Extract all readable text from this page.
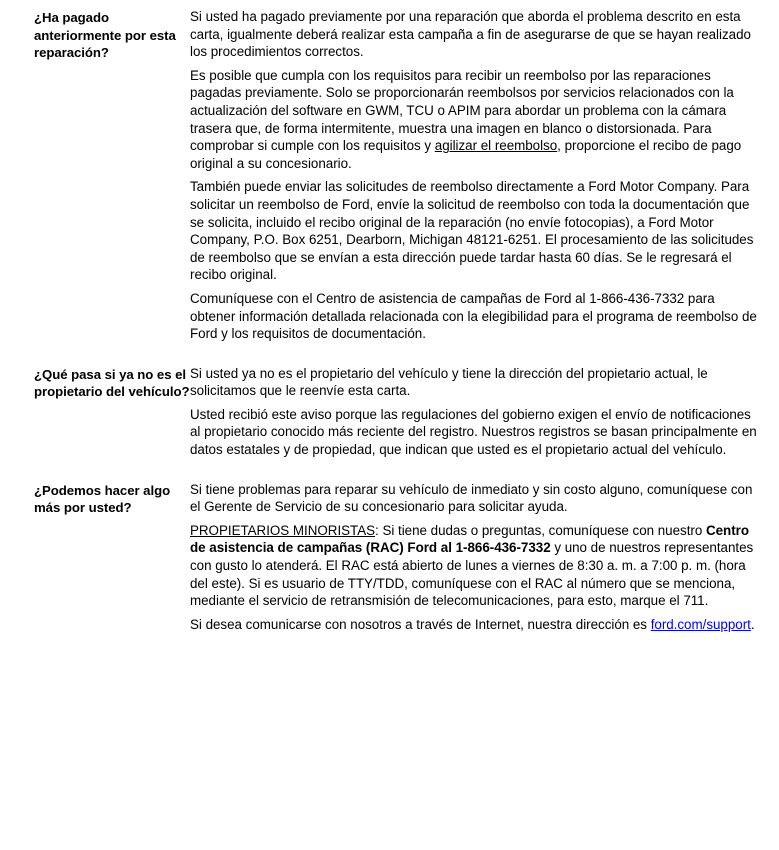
¿Ha pagado anteriormente por esta reparación?

Si usted ha pagado previamente por una reparación que aborda el problema descrito en esta carta, igualmente deberá realizar esta campaña a fin de asegurarse de que se hayan realizado los procedimientos correctos.

Es posible que cumpla con los requisitos para recibir un reembolso por las reparaciones pagadas previamente. Solo se proporcionarán reembolsos por servicios relacionados con la actualización del software en GWM, TCU o APIM para abordar un problema con la cámara trasera que, de forma intermitente, muestra una imagen en blanco o distorsionada. Para comprobar si cumple con los requisitos y agilizar el reembolso, proporcione el recibo de pago original a su concesionario.

También puede enviar las solicitudes de reembolso directamente a Ford Motor Company. Para solicitar un reembolso de Ford, envíe la solicitud de reembolso con toda la documentación que se solicita, incluido el recibo original de la reparación (no envíe fotocopias), a Ford Motor Company, P.O. Box 6251, Dearborn, Michigan 48121-6251. El procesamiento de las solicitudes de reembolso que se envían a esta dirección puede tardar hasta 60 días. Se le regresará el recibo original.

Comuníquese con el Centro de asistencia de campañas de Ford al 1-866-436-7332 para obtener información detallada relacionada con la elegibilidad para el programa de reembolso de Ford y los requisitos de documentación.

¿Qué pasa si ya no es el propietario del vehículo?

Si usted ya no es el propietario del vehículo y tiene la dirección del propietario actual, le solicitamos que le reenvíe esta carta.

Usted recibió este aviso porque las regulaciones del gobierno exigen el envío de notificaciones al propietario conocido más reciente del registro. Nuestros registros se basan principalmente en datos estatales y de propiedad, que indican que usted es el propietario actual del vehículo.

¿Podemos hacer algo más por usted?

Si tiene problemas para reparar su vehículo de inmediato y sin costo alguno, comuníquese con el Gerente de Servicio de su concesionario para solicitar ayuda.

PROPIETARIOS MINORISTAS: Si tiene dudas o preguntas, comuníquese con nuestro Centro de asistencia de campañas (RAC) Ford al 1-866-436-7332 y uno de nuestros representantes con gusto lo atenderá. El RAC está abierto de lunes a viernes de 8:30 a. m. a 7:00 p. m. (hora del este). Si es usuario de TTY/TDD, comuníquese con el RAC al número que se menciona, mediante el servicio de retransmisión de telecomunicaciones, para esto, marque el 711.

Si desea comunicarse con nosotros a través de Internet, nuestra dirección es ford.com/support.
